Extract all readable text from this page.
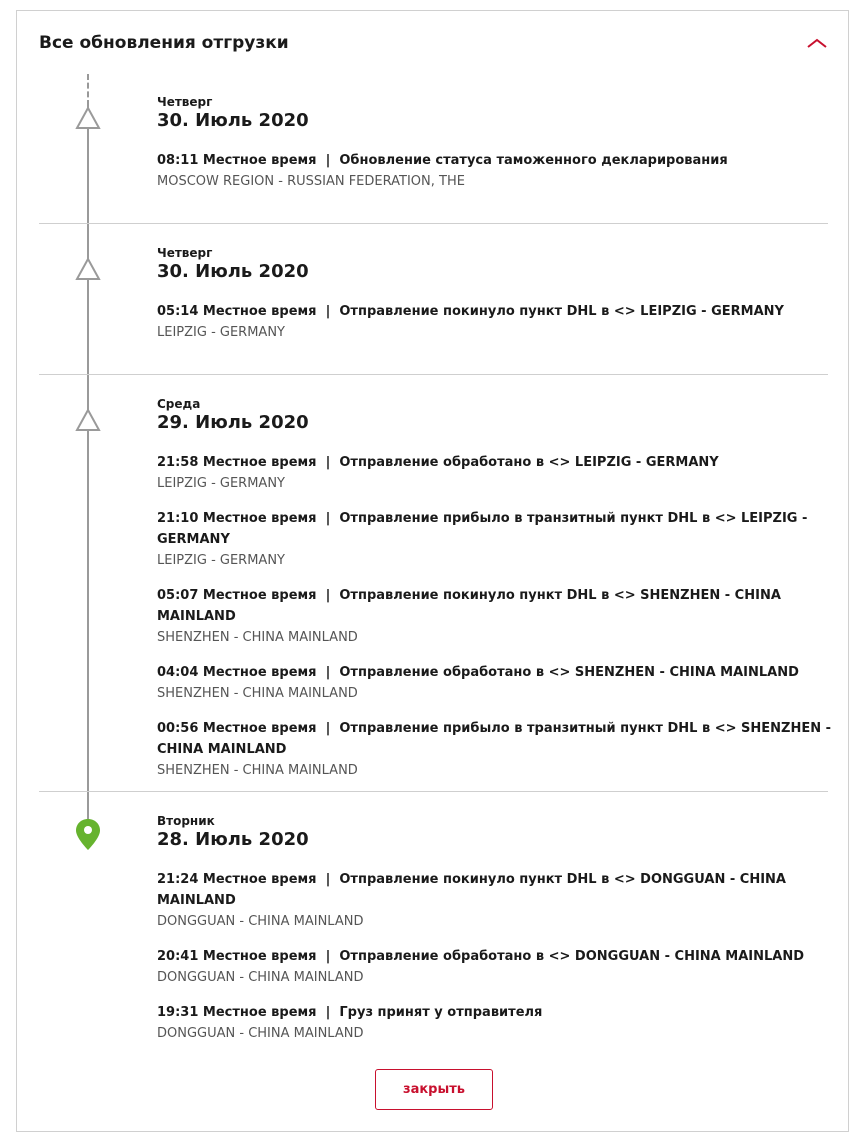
Все обновления отгрузки
Четверг
30. Июль 2020
08:11 Местное время | Обновление статуса таможенного декларирования
MOSCOW REGION - RUSSIAN FEDERATION, THE
Четверг
30. Июль 2020
05:14 Местное время | Отправление покинуло пункт DHL в <> LEIPZIG - GERMANY
LEIPZIG - GERMANY
Среда
29. Июль 2020
21:58 Местное время | Отправление обработано в <> LEIPZIG - GERMANY
LEIPZIG - GERMANY
21:10 Местное время | Отправление прибыло в транзитный пункт DHL в <> LEIPZIG - GERMANY
LEIPZIG - GERMANY
05:07 Местное время | Отправление покинуло пункт DHL в <> SHENZHEN - CHINA MAINLAND
SHENZHEN - CHINA MAINLAND
04:04 Местное время | Отправление обработано в <> SHENZHEN - CHINA MAINLAND
SHENZHEN - CHINA MAINLAND
00:56 Местное время | Отправление прибыло в транзитный пункт DHL в <> SHENZHEN - CHINA MAINLAND
SHENZHEN - CHINA MAINLAND
Вторник
28. Июль 2020
21:24 Местное время | Отправление покинуло пункт DHL в <> DONGGUAN - CHINA MAINLAND
DONGGUAN - CHINA MAINLAND
20:41 Местное время | Отправление обработано в <> DONGGUAN - CHINA MAINLAND
DONGGUAN - CHINA MAINLAND
19:31 Местное время | Груз принят у отправителя
DONGGUAN - CHINA MAINLAND
закрыть
